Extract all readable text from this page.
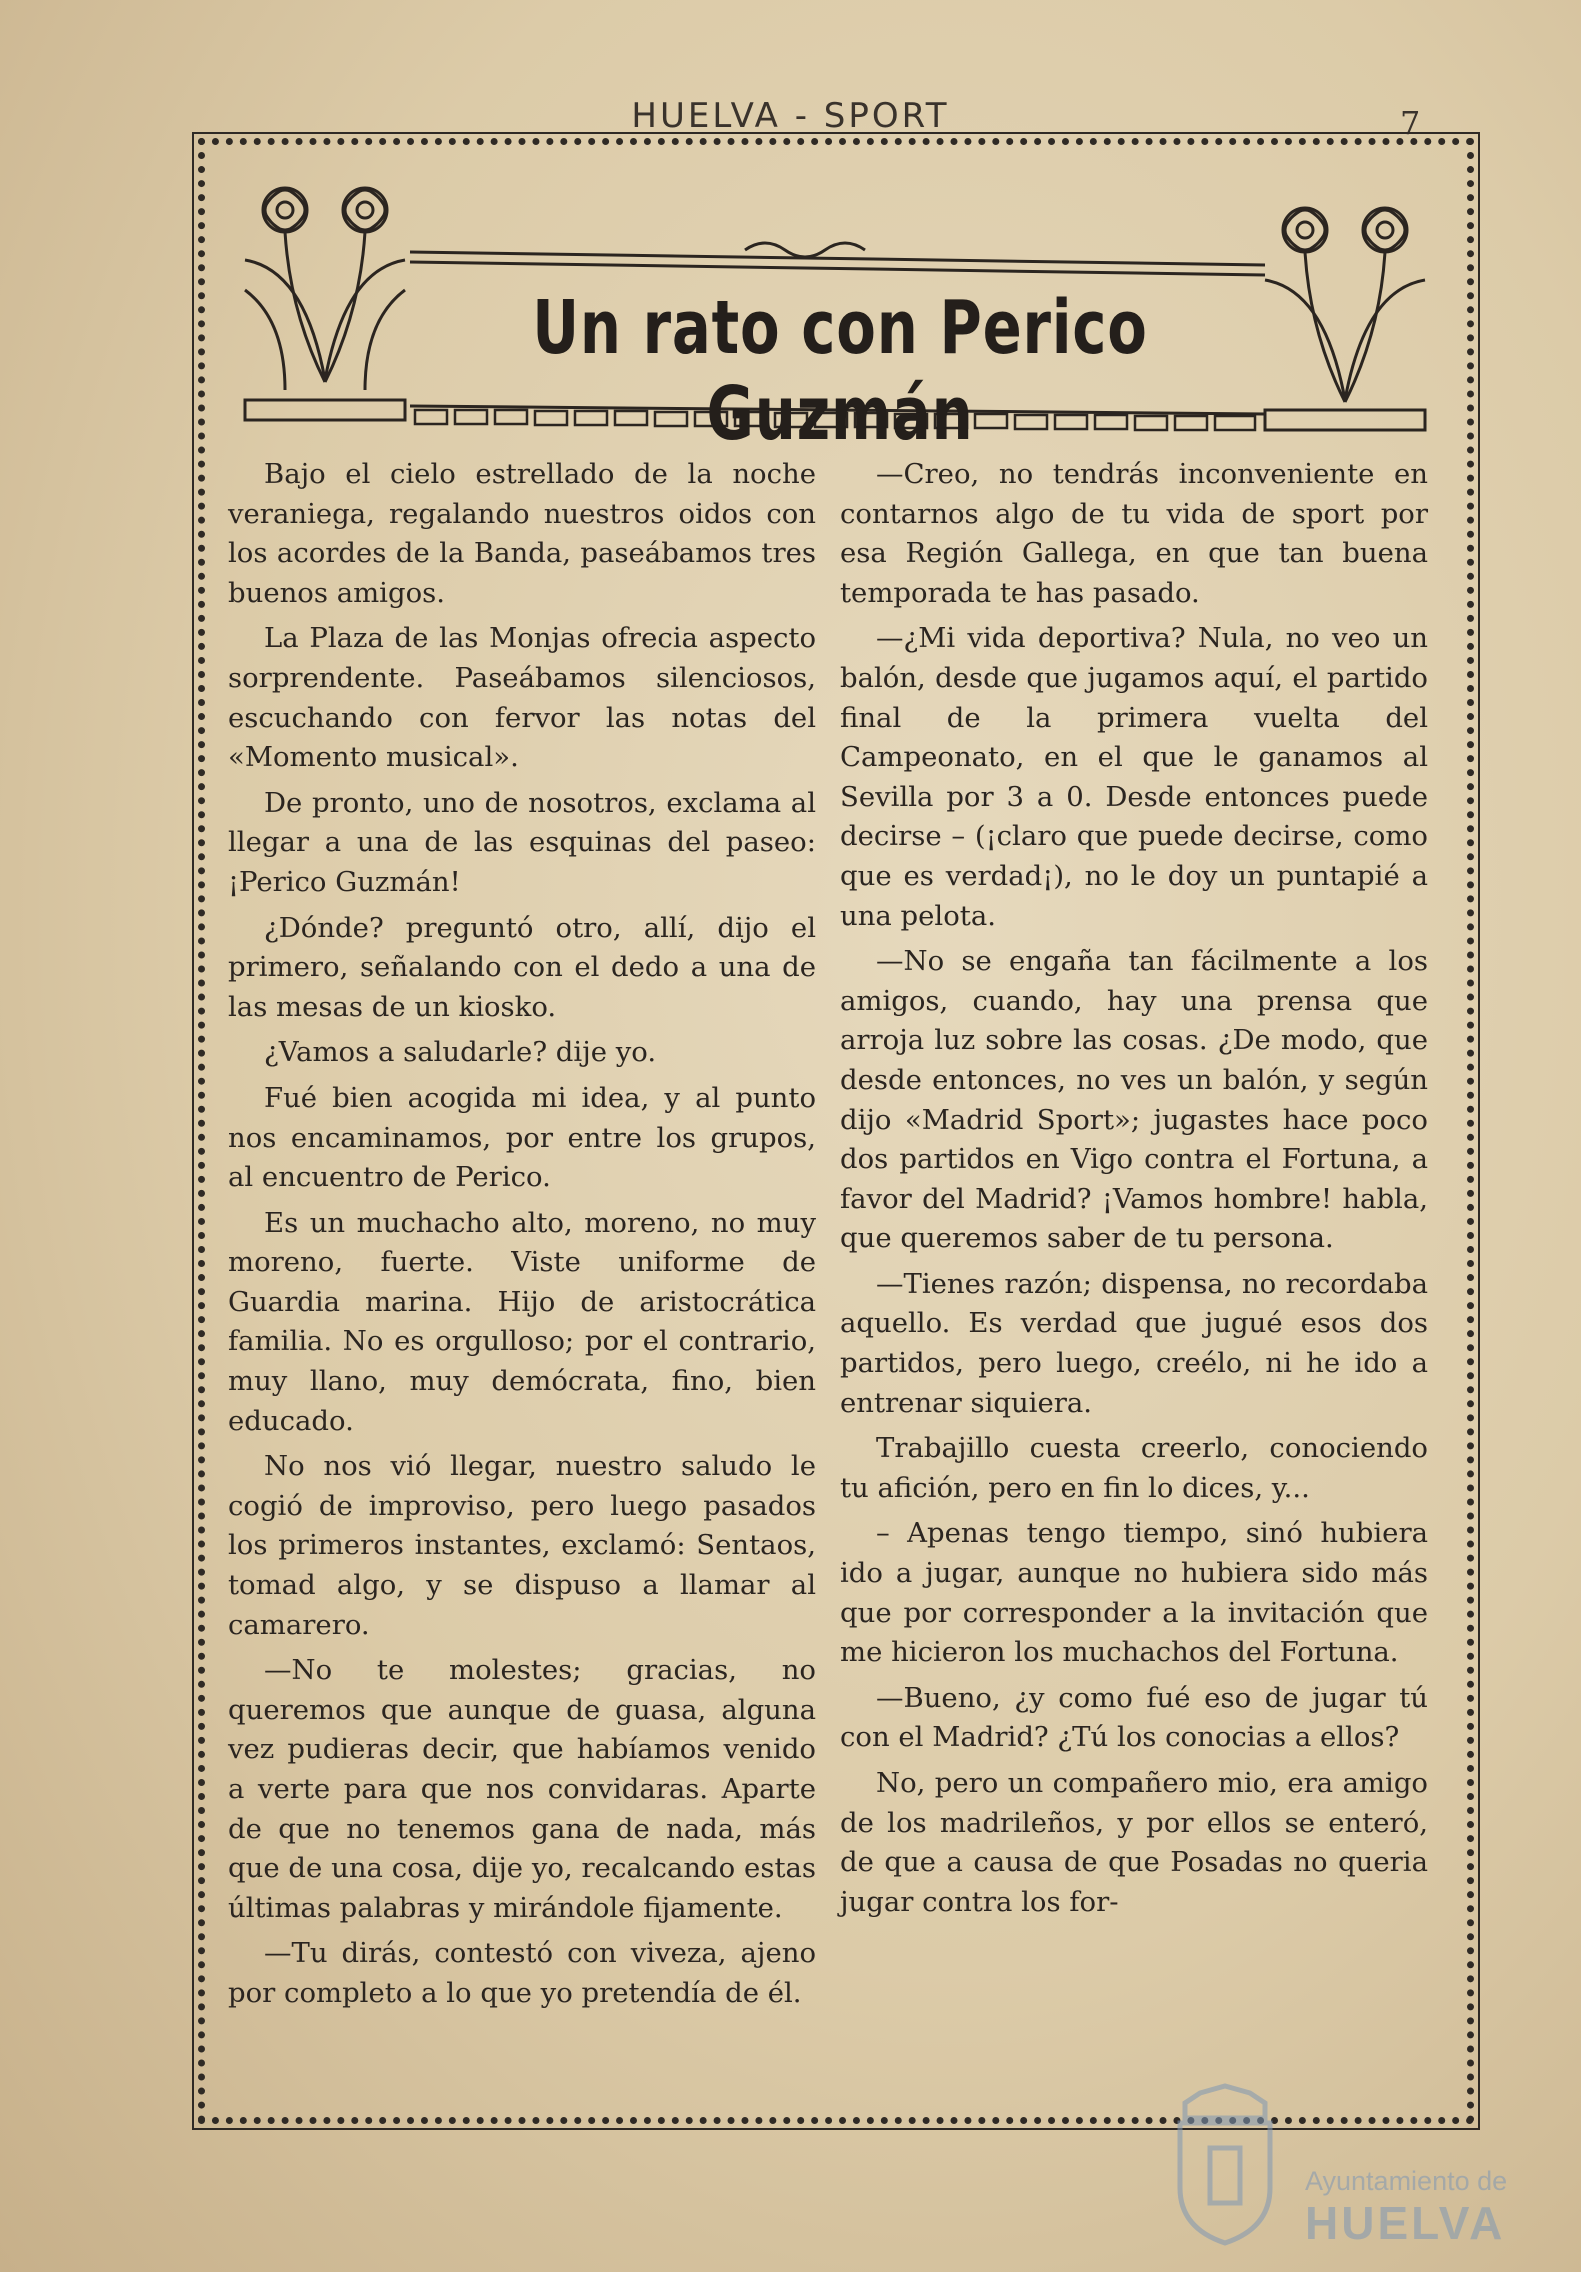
HUELVA - SPORT	7
Un rato con Perico Guzmán

Bajo el cielo estrellado de la noche veraniega, regalando nuestros oidos con los acordes de la Banda, paseábamos tres buenos amigos.

La Plaza de las Monjas ofrecia aspecto sorprendente. Paseábamos silenciosos, escuchando con fervor las notas del «Momento musical».

De pronto, uno de nosotros, exclama al llegar a una de las esquinas del paseo: ¡Perico Guzmán!

¿Dónde? preguntó otro, allí, dijo el primero, señalando con el dedo a una de las mesas de un kiosko.

¿Vamos a saludarle? dije yo.

Fué bien acogida mi idea, y al punto nos encaminamos, por entre los grupos, al encuentro de Perico.

Es un muchacho alto, moreno, no muy moreno, fuerte. Viste uniforme de Guardia marina. Hijo de aristocrática familia. No es orgulloso; por el contrario, muy llano, muy demócrata, fino, bien educado.

No nos vió llegar, nuestro saludo le cogió de improviso, pero luego pasados los primeros instantes, exclamó: Sentaos, tomad algo, y se dispuso a llamar al camarero.

—No te molestes; gracias, no queremos que aunque de guasa, alguna vez pudieras decir, que habíamos venido a verte para que nos convidaras. Aparte de que no tenemos gana de nada, más que de una cosa, dije yo, recalcando estas últimas palabras y mirándole fijamente.

—Tu dirás, contestó con viveza, ajeno por completo a lo que yo pretendía de él.

—Creo, no tendrás inconveniente en contarnos algo de tu vida de sport por esa Región Gallega, en que tan buena temporada te has pasado.

—¿Mi vida deportiva? Nula, no veo un balón, desde que jugamos aquí, el partido final de la primera vuelta del Campeonato, en el que le ganamos al Sevilla por 3 a 0. Desde entonces puede decirse – (¡claro que puede decirse, como que es verdad¡), no le doy un puntapié a una pelota.

—No se engaña tan fácilmente a los amigos, cuando, hay una prensa que arroja luz sobre las cosas. ¿De modo, que desde entonces, no ves un balón, y según dijo «Madrid Sport»; jugastes hace poco dos partidos en Vigo contra el Fortuna, a favor del Madrid? ¡Vamos hombre! habla, que queremos saber de tu persona.

—Tienes razón; dispensa, no recordaba aquello. Es verdad que jugué esos dos partidos, pero luego, creélo, ni he ido a entrenar siquiera.

Trabajillo cuesta creerlo, conociendo tu afición, pero en fin lo dices, y...

– Apenas tengo tiempo, sinó hubiera ido a jugar, aunque no hubiera sido más que por corresponder a la invitación que me hicieron los muchachos del Fortuna.

—Bueno, ¿y como fué eso de jugar tú con el Madrid? ¿Tú los conocias a ellos?

No, pero un compañero mio, era amigo de los madrileños, y por ellos se enteró, de que a causa de que Posadas no queria jugar contra los for-

Ayuntamiento de
HUELVA
